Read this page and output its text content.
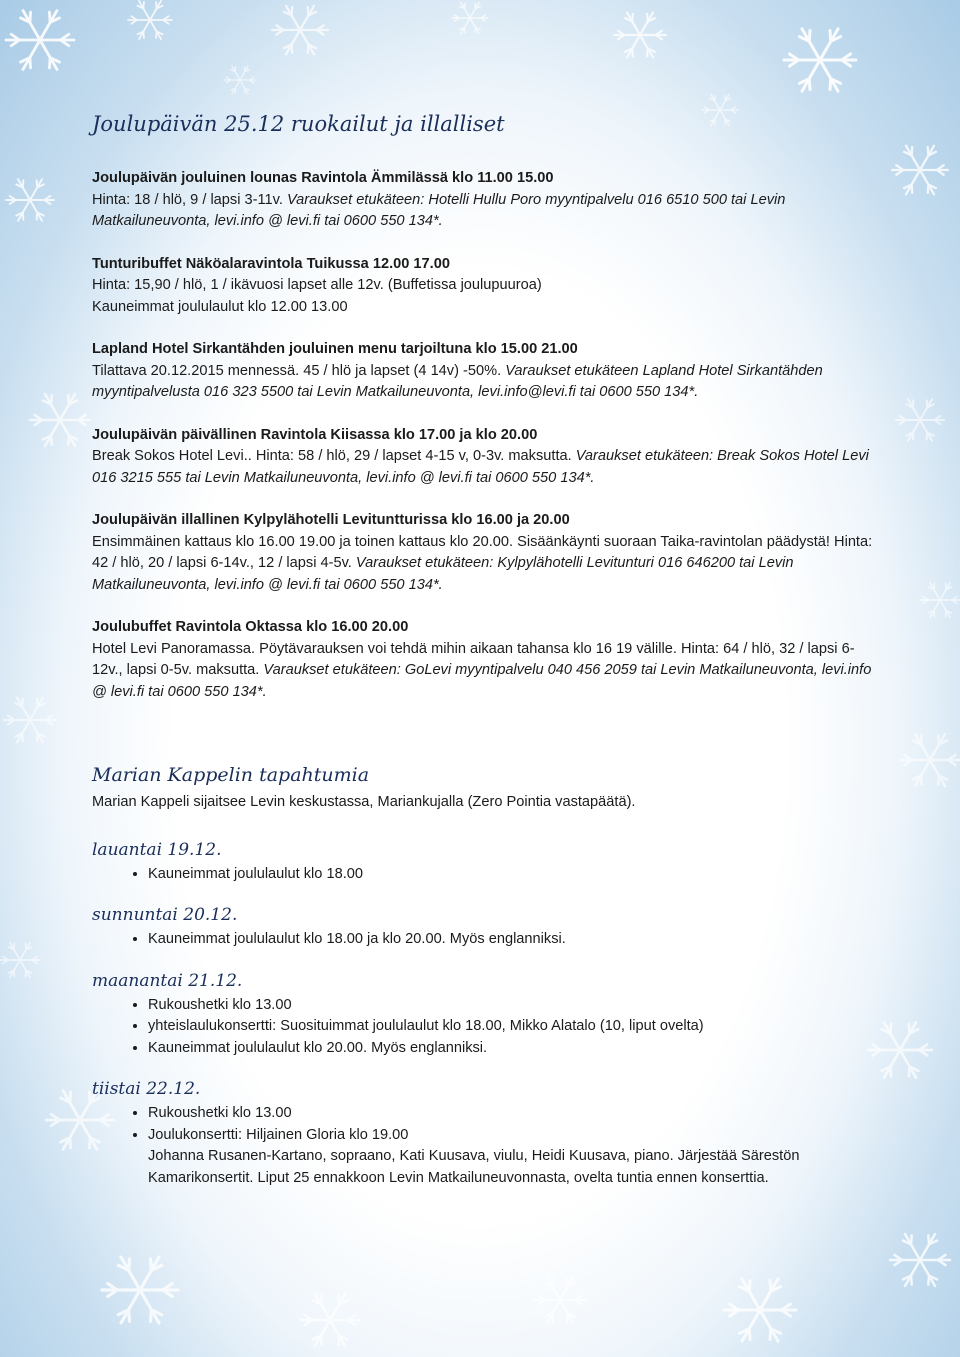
Joulupäivän 25.12 ruokailut ja illalliset
Joulupäivän jouluinen lounas Ravintola Ämmilässä klo 11.00 15.00
Hinta: 18 / hlö, 9 / lapsi 3-11v. Varaukset etukäteen: Hotelli Hullu Poro myyntipalvelu 016 6510 500 tai Levin Matkailuneuvonta, levi.info @ levi.fi tai 0600 550 134*.
Tunturibuffet Näköalaravintola Tuikussa 12.00 17.00
Hinta: 15,90 / hlö, 1 / ikävuosi lapset alle 12v. (Buffetissa joulupuuroa)
Kauneimmat joululaulut klo 12.00 13.00
Lapland Hotel Sirkantähden jouluinen menu tarjoiltuna klo 15.00 21.00
Tilattava 20.12.2015 mennessä. 45 / hlö ja lapset (4 14v) -50%. Varaukset etukäteen Lapland Hotel Sirkantähden myyntipalvelusta 016 323 5500 tai Levin Matkailuneuvonta, levi.info@levi.fi tai 0600 550 134*.
Joulupäivän päivällinen Ravintola Kiisassa klo 17.00 ja klo 20.00
Break Sokos Hotel Levi.. Hinta: 58 / hlö, 29 / lapset 4-15 v, 0-3v. maksutta. Varaukset etukäteen: Break Sokos Hotel Levi 016 3215 555 tai Levin Matkailuneuvonta, levi.info @ levi.fi tai 0600 550 134*.
Joulupäivän illallinen Kylpylähotelli Levituntturissa klo 16.00 ja 20.00
Ensimmäinen kattaus klo 16.00 19.00 ja toinen kattaus klo 20.00. Sisäänkäynti suoraan Taika-ravintolan päädystä! Hinta: 42 / hlö, 20 / lapsi 6-14v., 12 / lapsi 4-5v. Varaukset etukäteen: Kylpylähotelli Levitunturi 016 646200 tai Levin Matkailuneuvonta, levi.info @ levi.fi tai 0600 550 134*.
Joulubuffet Ravintola Oktassa klo 16.00 20.00
Hotel Levi Panoramassa. Pöytävarauksen voi tehdä mihin aikaan tahansa klo 16 19 välille. Hinta: 64 / hlö, 32 / lapsi 6-12v., lapsi 0-5v. maksutta. Varaukset etukäteen: GoLevi myyntipalvelu 040 456 2059 tai Levin Matkailuneuvonta, levi.info @ levi.fi tai 0600 550 134*.
Marian Kappelin tapahtumia
Marian Kappeli sijaitsee Levin keskustassa, Mariankujalla (Zero Pointia vastapäätä).
lauantai 19.12.
• Kauneimmat joululaulut klo 18.00
sunnuntai 20.12.
• Kauneimmat joululaulut klo 18.00 ja klo 20.00. Myös englanniksi.
maanantai 21.12.
• Rukoushetki klo 13.00
• yhteislaulukonsertti: Suosituimmat joululaulut klo 18.00, Mikko Alatalo (10, liput ovelta)
• Kauneimmat joululaulut klo 20.00. Myös englanniksi.
tiistai 22.12.
• Rukoushetki klo 13.00
• Joulukonsertti: Hiljainen Gloria klo 19.00
Johanna Rusanen-Kartano, sopraano, Kati Kuusava, viulu, Heidi Kuusava, piano. Järjestää Särestön Kamarikonsertit. Liput 25 ennakkoon Levin Matkailuneuvonnasta, ovelta tuntia ennen konserttia.
